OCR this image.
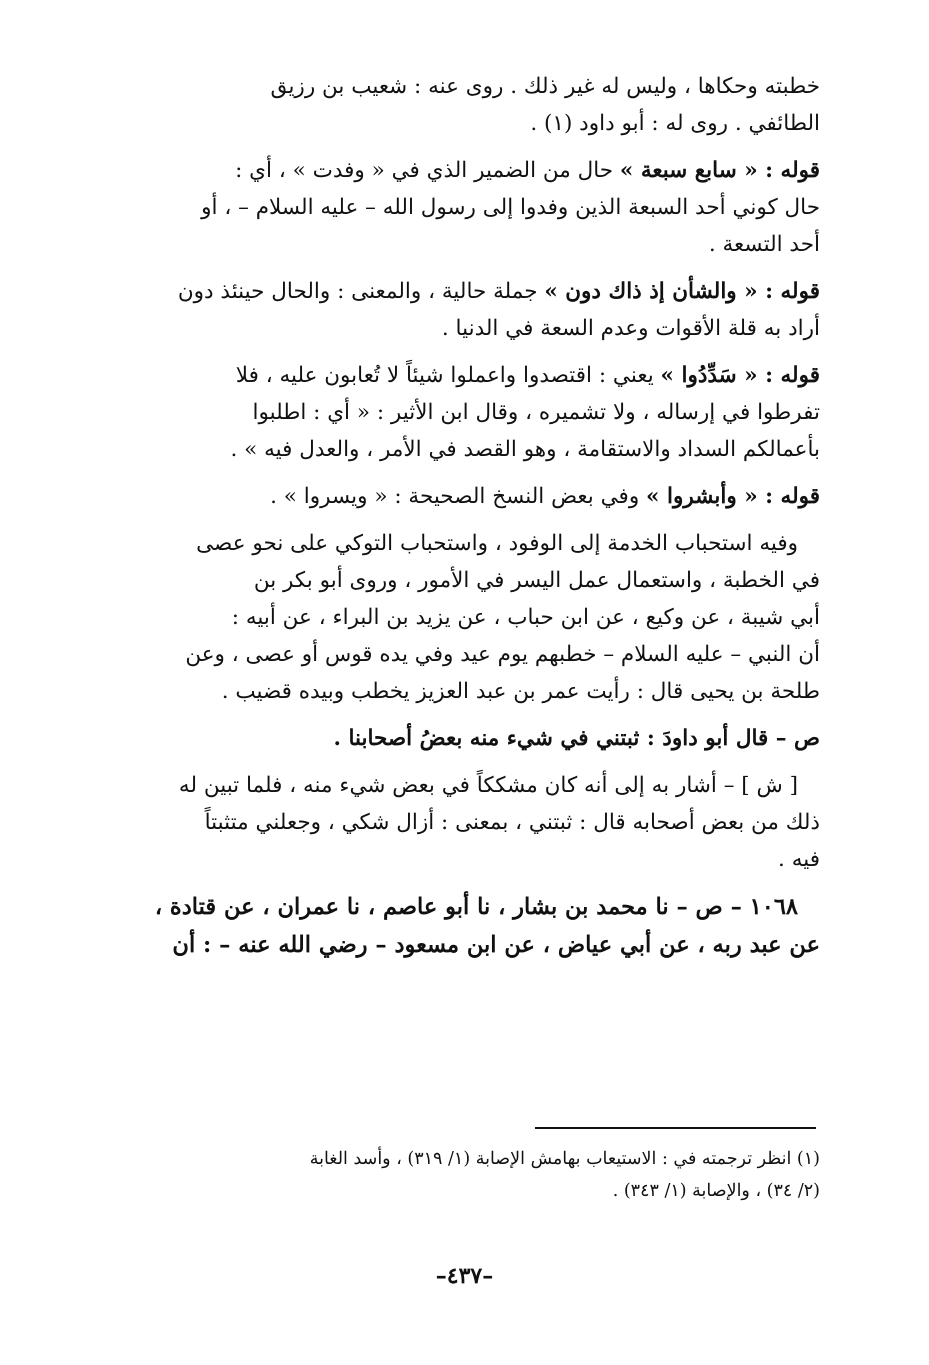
خطبته وحكاها ، وليس له غير ذلك . روى عنه : شعيب بن رزيق
الطائفي . روى له : أبو داود (١) .
قوله : « سابع سبعة » حال من الضمير الذي في « وفدت » ، أي :
حال كوني أحد السبعة الذين وفدوا إلى رسول الله – عليه السلام – ، أو
أحد التسعة .
قوله : « والشأن إذ ذاك دون » جملة حالية ، والمعنى : والحال حينئذ دون
أراد به قلة الأقوات وعدم السعة في الدنيا .
قوله : « سَدِّدُوا » يعني : اقتصدوا واعملوا شيئاً لا تُعابون عليه ، فلا
تفرطوا في إرساله ، ولا تشميره ، وقال ابن الأثير : « أي : اطلبوا
بأعمالكم السداد والاستقامة ، وهو القصد في الأمر ، والعدل فيه » .
قوله : « وأبشروا » وفي بعض النسخ الصحيحة : « ويسروا » .
وفيه استحباب الخدمة إلى الوفود ، واستحباب التوكي على نحو عصى
في الخطبة ، واستعمال عمل اليسر في الأمور ، وروى أبو بكر بن
أبي شيبة ، عن وكيع ، عن ابن حباب ، عن يزيد بن البراء ، عن أبيه :
أن النبي – عليه السلام – خطبهم يوم عيد وفي يده قوس أو عصى ، وعن
طلحة بن يحيى قال : رأيت عمر بن عبد العزيز يخطب وبيده قضيب .
ص – قال أبو داودَ : ثبتني في شيء منه بعضُ أصحابنا .
[ ش ] – أشار به إلى أنه كان مشككاً في بعض شيء منه ، فلما تبين له
ذلك من بعض أصحابه قال : ثبتني ، بمعنى : أزال شكي ، وجعلني متثبتاً
فيه .
١٠٦٨ – ص – نا محمد بن بشار ، نا أبو عاصم ، نا عمران ، عن قتادة ،
عن عبد ربه ، عن أبي عياض ، عن ابن مسعود – رضي الله عنه – : أن
(١) انظر ترجمته في : الاستيعاب بهامش الإصابة (١/ ٣١٩) ، وأسد الغابة
(٢/ ٣٤) ، والإصابة (١/ ٣٤٣) .
–٤٣٧–
